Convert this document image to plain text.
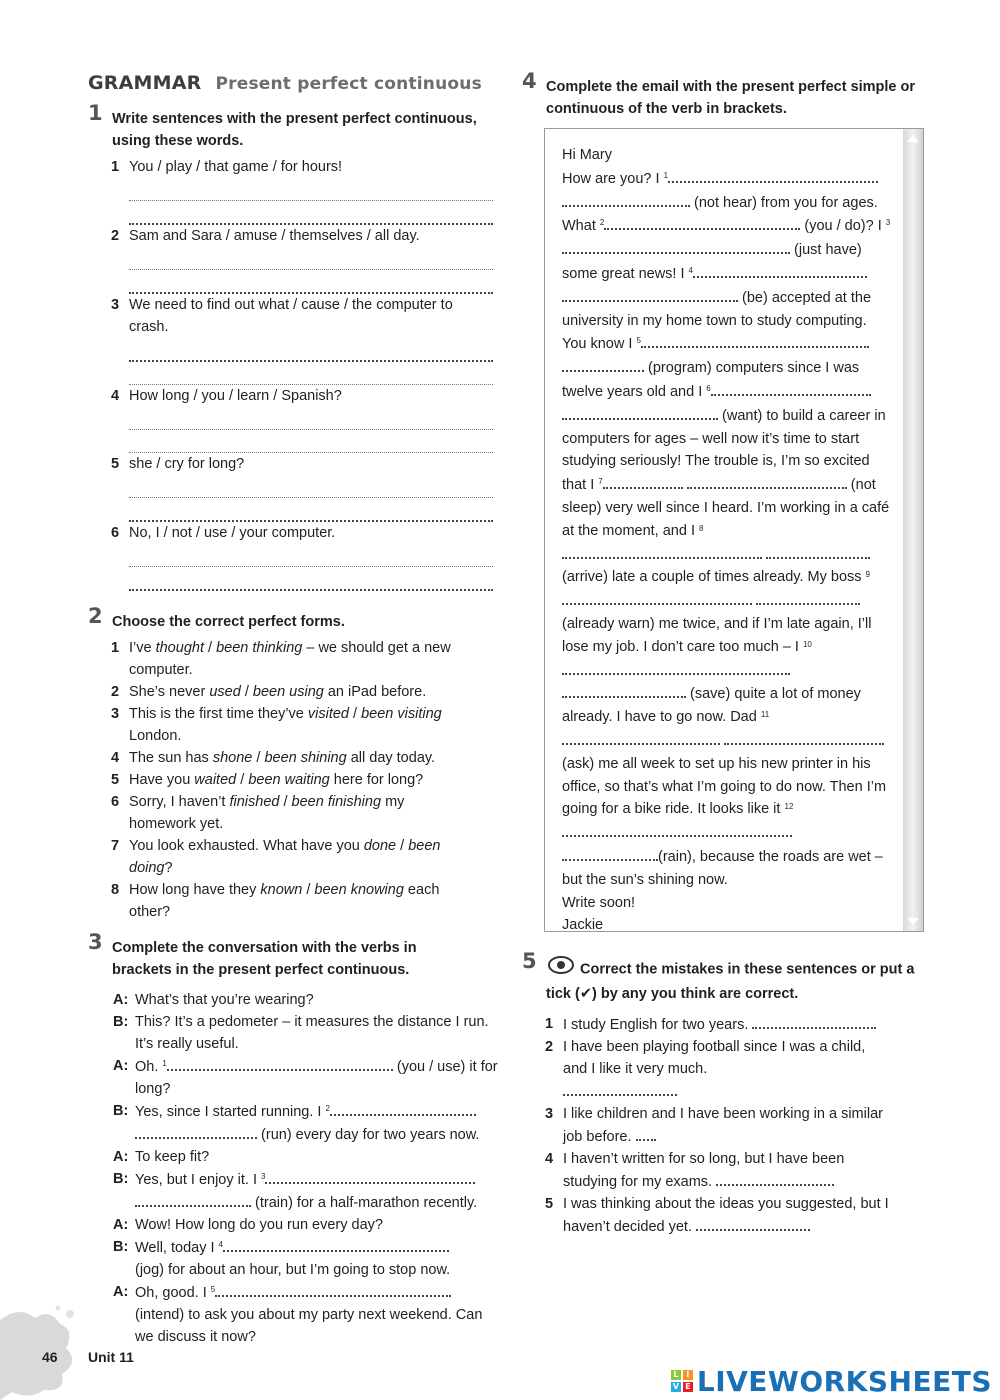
GRAMMAR Present perfect continuous
1 Write sentences with the present perfect continuous, using these words.
1 You / play / that game / for hours!
2 Sam and Sara / amuse / themselves / all day.
3 We need to find out what / cause / the computer to crash.
4 How long / you / learn / Spanish?
5 she / cry for long?
6 No, I / not / use / your computer.
2 Choose the correct perfect forms.
1 I’ve thought / been thinking – we should get a new computer.
2 She’s never used / been using an iPad before.
3 This is the first time they’ve visited / been visiting London.
4 The sun has shone / been shining all day today.
5 Have you waited / been waiting here for long?
6 Sorry, I haven’t finished / been finishing my homework yet.
7 You look exhausted. What have you done / been doing?
8 How long have they known / been knowing each other?
3 Complete the conversation with the verbs in brackets in the present perfect continuous.
A: What’s that you’re wearing?
B: This? It’s a pedometer – it measures the distance I run. It’s really useful.
A: Oh. $^1$	(you / use) it for long?
B: Yes, since I started running. I $^2$
(run) every day for two years now.
A: To keep fit?
B: Yes, but I enjoy it. I $^3$
(train) for a half-marathon recently.
A: Wow! How long do you run every day?
B: Well, today I $^4$
(jog) for about an hour, but I’m going to stop now.
A: Oh, good. I $^5$
(intend) to ask you about my party next weekend. Can we discuss it now?
4 Complete the email with the present perfect simple or continuous of the verb in brackets.
Hi Mary
How are you? I $^1$  (not hear) from you for ages. What $^2$	(you / do)? I $^3$ (just have) some great news! I $^4$  (be) accepted at the university in my home town to study computing. You know I $^5$  (program) computers since I was twelve years old and I $^6$  (want) to build a career in computers for ages – well now it’s time to start studying seriously! The trouble is, I’m so excited that I $^7$	(not sleep) very well since I heard. I’m working in a café at the moment, and I $^8$  (arrive) late a couple of times already. My boss $^9$  (already warn) me twice, and if I’m late again, I’ll lose my job. I don’t care too much – I $^{10}$  (save) quite a lot of money already. I have to go now. Dad $^{11}$  (ask) me all week to set up his new printer in his office, so that’s what I’m going to do now. Then I’m going for a bike ride. It looks like it $^{12}$ (rain), because the roads are wet – but the sun’s shining now.
Write soon!
Jackie
5	Correct the mistakes in these sentences or put a tick (✔) by any you think are correct.
1 I study English for two years.
2 I have been playing football since I was a child, and I like it very much.

3 I like children and I have been working in a similar job before.
4 I haven’t written for so long, but I have been studying for my exams.
5 I was thinking about the ideas you suggested, but I haven’t decided yet.
46 Unit 11
L I
V E LIVEWORKSHEETS
